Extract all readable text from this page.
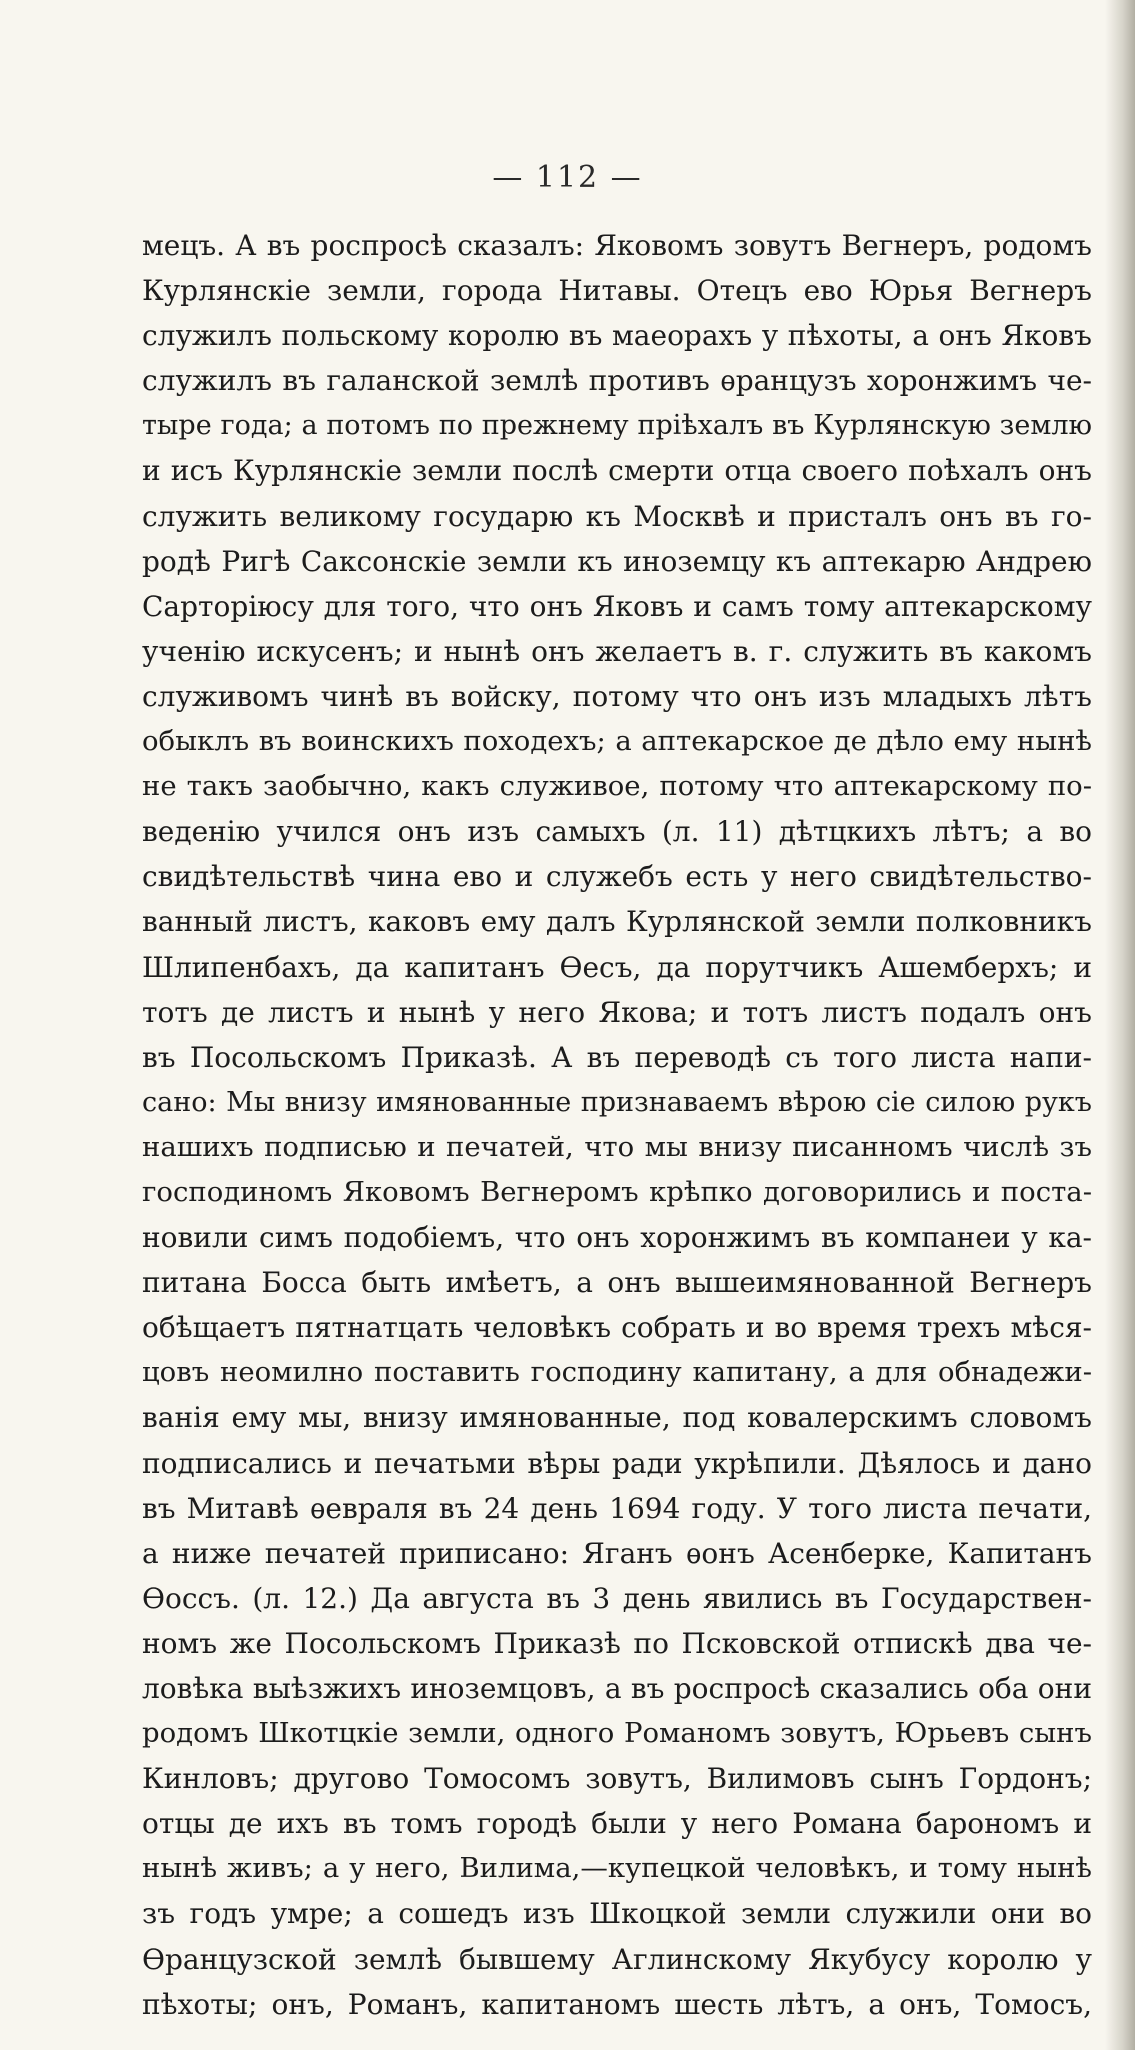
— 112 —
мецъ. А въ роспросѣ сказалъ: Яковомъ зовутъ Вегнеръ, родомъ
Курлянскіе земли, города Нитавы. Отецъ ево Юрья Вегнеръ
служилъ польскому королю въ маеорахъ у пѣхоты, а онъ Яковъ
служилъ въ галанской землѣ противъ ѳранцузъ хоронжимъ че-
тыре года; а потомъ по прежнему пріѣхалъ въ Курлянскую землю
и исъ Курлянскіе земли послѣ смерти отца своего поѣхалъ онъ
служить великому государю къ Москвѣ и присталъ онъ въ го-
родѣ Ригѣ Саксонскіе земли къ иноземцу къ аптекарю Андрею
Сарторіюсу для того, что онъ Яковъ и самъ тому аптекарскому
ученію искусенъ; и нынѣ онъ желаетъ в. г. служить въ какомъ
служивомъ чинѣ въ войску, потому что онъ изъ младыхъ лѣтъ
обыклъ въ воинскихъ походехъ; а аптекарское де дѣло ему нынѣ
не такъ заобычно, какъ служивое, потому что аптекарскому по-
веденію учился онъ изъ самыхъ (л. 11) дѣтцкихъ лѣтъ; а во
свидѣтельствѣ чина ево и служебъ есть у него свидѣтельство-
ванный листъ, каковъ ему далъ Курлянской земли полковникъ
Шлипенбахъ, да капитанъ Ѳесъ, да порутчикъ Ашемберхъ; и
тотъ де листъ и нынѣ у него Якова; и тотъ листъ подалъ онъ
въ Посольскомъ Приказѣ. А въ переводѣ съ того листа напи-
сано: Мы внизу имянованные признаваемъ вѣрою сіе силою рукъ
нашихъ подписью и печатей, что мы внизу писанномъ числѣ зъ
господиномъ Яковомъ Вегнеромъ крѣпко договорились и поста-
новили симъ подобіемъ, что онъ хоронжимъ въ компанеи у ка-
питана Босса быть имѣетъ, а онъ вышеимянованной Вегнеръ
обѣщаетъ пятнатцать человѣкъ собрать и во время трехъ мѣся-
цовъ неомилно поставить господину капитану, а для обнадежи-
ванія ему мы, внизу имянованные, под ковалерскимъ словомъ
подписались и печатьми вѣры ради укрѣпили. Дѣялось и дано
въ Митавѣ ѳевраля въ 24 день 1694 году. У того листа печати,
а ниже печатей приписано: Яганъ ѳонъ Асенберке, Капитанъ
Ѳоссъ. (л. 12.) Да августа въ 3 день явились въ Государствен-
номъ же Посольскомъ Приказѣ по Псковской отпискѣ два че-
ловѣка выѣзжихъ иноземцовъ, а въ роспросѣ сказались оба они
родомъ Шкотцкіе земли, одного Романомъ зовутъ, Юрьевъ сынъ
Кинловъ; другово Томосомъ зовутъ, Вилимовъ сынъ Гордонъ;
отцы де ихъ въ томъ городѣ были у него Романа барономъ и
нынѣ живъ; а у него, Вилима,—купецкой человѣкъ, и тому нынѣ
зъ годъ умре; а сошедъ изъ Шкоцкой земли служили они во
Ѳранцузской землѣ бывшему Аглинскому Якубусу королю у
пѣхоты; онъ, Романъ, капитаномъ шесть лѣтъ, а онъ, Томосъ,
